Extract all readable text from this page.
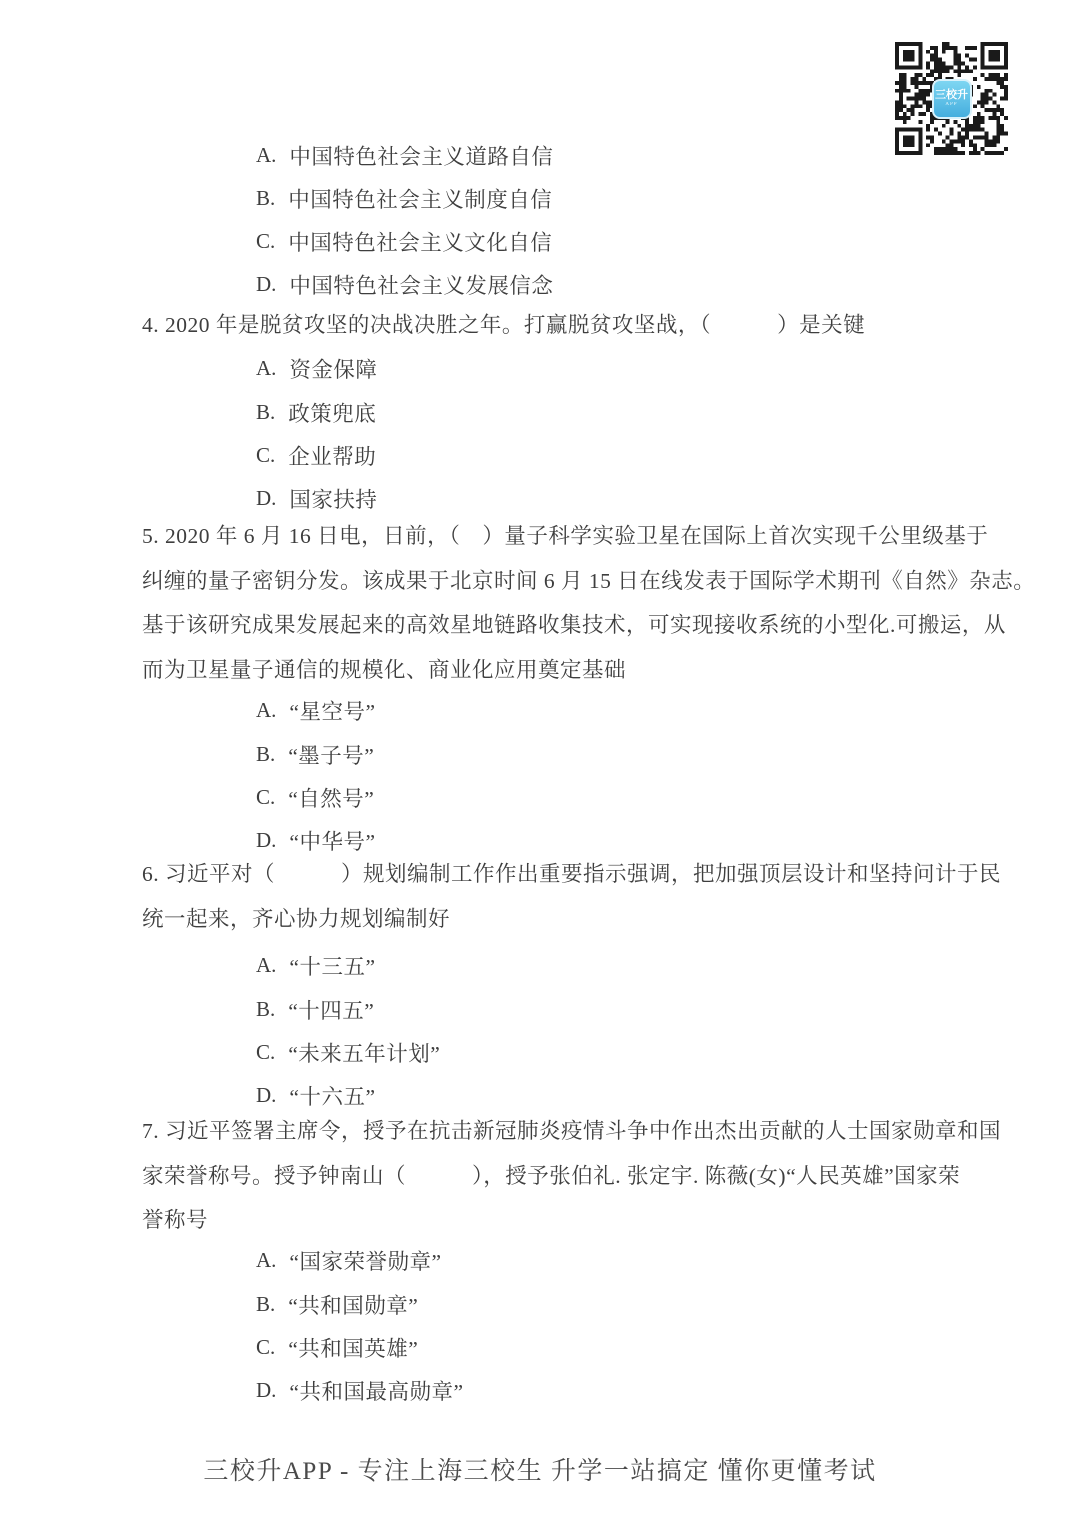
三校升
APP
A. 中国特色社会主义道路自信
B. 中国特色社会主义制度自信
C. 中国特色社会主义文化自信
D. 中国特色社会主义发展信念
4. 2020 年是脱贫攻坚的决战决胜之年。打赢脱贫攻坚战，（　　　）是关键
A. 资金保障
B. 政策兜底
C. 企业帮助
D. 国家扶持
5. 2020 年 6 月 16 日电，日前，（　）量子科学实验卫星在国际上首次实现千公里级基于
纠缠的量子密钥分发。该成果于北京时间 6 月 15 日在线发表于国际学术期刊《自然》杂志。
基于该研究成果发展起来的高效星地链路收集技术，可实现接收系统的小型化.可搬运，从
而为卫星量子通信的规模化、商业化应用奠定基础
A. “星空号”
B. “墨子号”
C. “自然号”
D. “中华号”
6. 习近平对（　　　）规划编制工作作出重要指示强调，把加强顶层设计和坚持问计于民
统一起来，齐心协力规划编制好
A. “十三五”
B. “十四五”
C. “未来五年计划”
D. “十六五”
7. 习近平签署主席令，授予在抗击新冠肺炎疫情斗争中作出杰出贡献的人士国家勋章和国
家荣誉称号。授予钟南山（　　　），授予张伯礼. 张定宇. 陈薇(女)“人民英雄”国家荣
誉称号
A. “国家荣誉勋章”
B. “共和国勋章”
C. “共和国英雄”
D. “共和国最高勋章”
三校升APP - 专注上海三校生 升学一站搞定 懂你更懂考试
